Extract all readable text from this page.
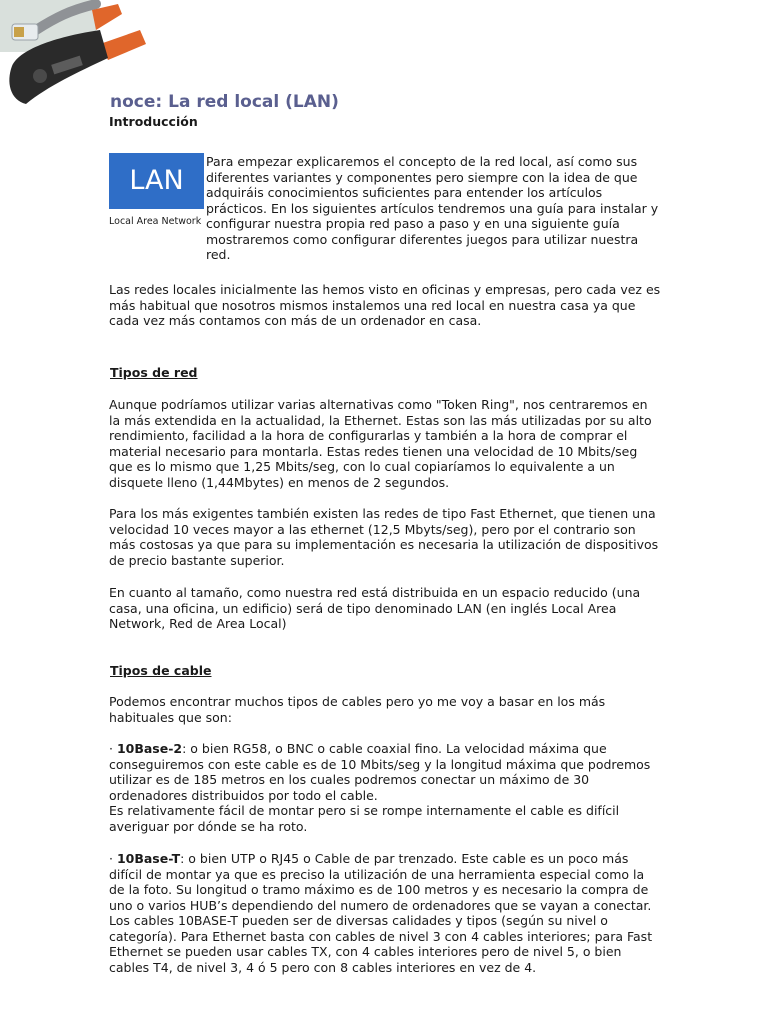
noce: La red local (LAN)
Introducción
LAN
Local Area Network

Para empezar explicaremos el concepto de la red local, así como sus diferentes variantes y componentes pero siempre con la idea de que adquiráis conocimientos suficientes para entender los artículos prácticos. En los siguientes artículos tendremos una guía para instalar y configurar nuestra propia red paso a paso y en una siguiente guía mostraremos como configurar diferentes juegos para utilizar nuestra red.

Las redes locales inicialmente las hemos visto en oficinas y empresas, pero cada vez es más habitual que nosotros mismos instalemos una red local en nuestra casa ya que cada vez más contamos con más de un ordenador en casa.

Tipos de red

Aunque podríamos utilizar varias alternativas como "Token Ring", nos centraremos en la más extendida en la actualidad, la Ethernet. Estas son las más utilizadas por su alto rendimiento, facilidad a la hora de configurarlas y también a la hora de comprar el material necesario para montarla. Estas redes tienen una velocidad de 10 Mbits/seg que es lo mismo que 1,25 Mbits/seg, con lo cual copiaríamos lo equivalente a un disquete lleno (1,44Mbytes) en menos de 2 segundos.

Para los más exigentes también existen las redes de tipo Fast Ethernet, que tienen una velocidad 10 veces mayor a las ethernet (12,5 Mbyts/seg), pero por el contrario son más costosas ya que para su implementación es necesaria la utilización de dispositivos de precio bastante superior.

En cuanto al tamaño, como nuestra red está distribuida en un espacio reducido (una casa, una oficina, un edificio) será de tipo denominado LAN (en inglés Local Area Network, Red de Area Local)

Tipos de cable

Podemos encontrar muchos tipos de cables pero yo me voy a basar en los más habituales que son:

· 10Base-2: o bien RG58, o BNC o cable coaxial fino. La velocidad máxima que conseguiremos con este cable es de 10 Mbits/seg y la longitud máxima que podremos utilizar es de 185 metros en los cuales podremos conectar un máximo de 30 ordenadores distribuidos por todo el cable.
Es relativamente fácil de montar pero si se rompe internamente el cable es difícil averiguar por dónde se ha roto.

· 10Base-T: o bien UTP o RJ45 o Cable de par trenzado. Este cable es un poco más difícil de montar ya que es preciso la utilización de una herramienta especial como la de la foto. Su longitud o tramo máximo es de 100 metros y es necesario la compra de uno o varios HUB’s dependiendo del numero de ordenadores que se vayan a conectar.
Los cables 10BASE-T pueden ser de diversas calidades y tipos (según su nivel o categoría). Para Ethernet basta con cables de nivel 3 con 4 cables interiores; para Fast Ethernet se pueden usar cables TX, con 4 cables interiores pero de nivel 5, o bien cables T4, de nivel 3, 4 ó 5 pero con 8 cables interiores en vez de 4.
